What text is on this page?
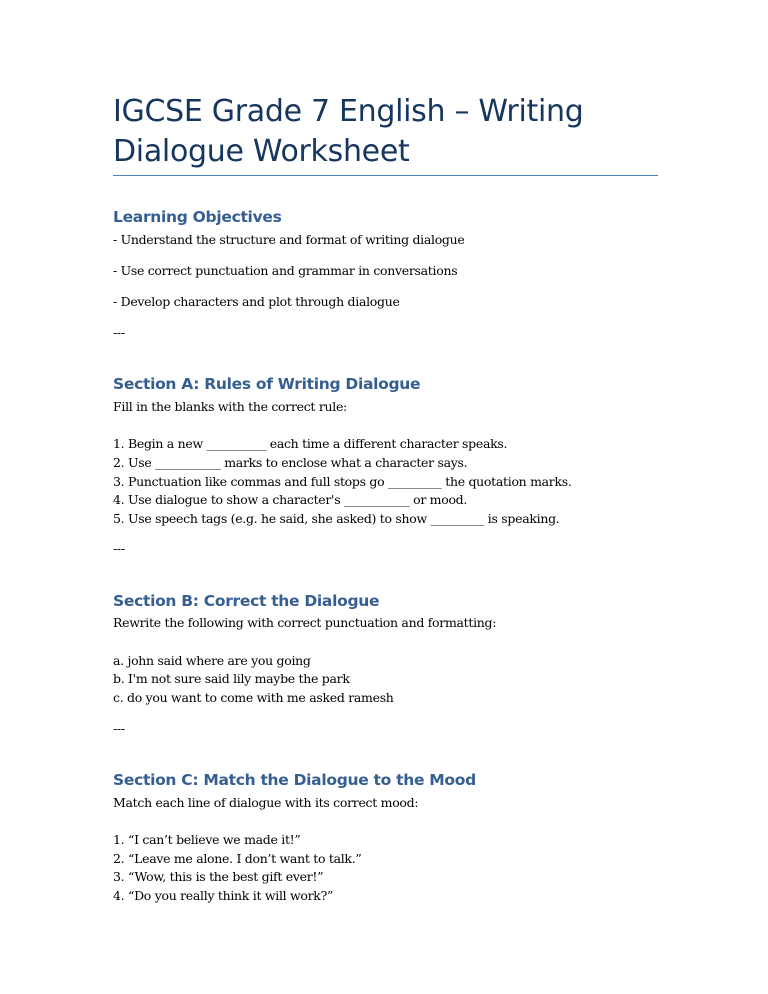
IGCSE Grade 7 English – Writing
Dialogue Worksheet
Learning Objectives
- Understand the structure and format of writing dialogue
- Use correct punctuation and grammar in conversations
- Develop characters and plot through dialogue
---
Section A: Rules of Writing Dialogue
Fill in the blanks with the correct rule:
1. Begin a new __________ each time a different character speaks.
2. Use ___________ marks to enclose what a character says.
3. Punctuation like commas and full stops go _________ the quotation marks.
4. Use dialogue to show a character's ___________ or mood.
5. Use speech tags (e.g. he said, she asked) to show _________ is speaking.
---
Section B: Correct the Dialogue
Rewrite the following with correct punctuation and formatting:
a. john said where are you going
b. I'm not sure said lily maybe the park
c. do you want to come with me asked ramesh
---
Section C: Match the Dialogue to the Mood
Match each line of dialogue with its correct mood:
1. “I can’t believe we made it!”
2. “Leave me alone. I don’t want to talk.”
3. “Wow, this is the best gift ever!”
4. “Do you really think it will work?”
